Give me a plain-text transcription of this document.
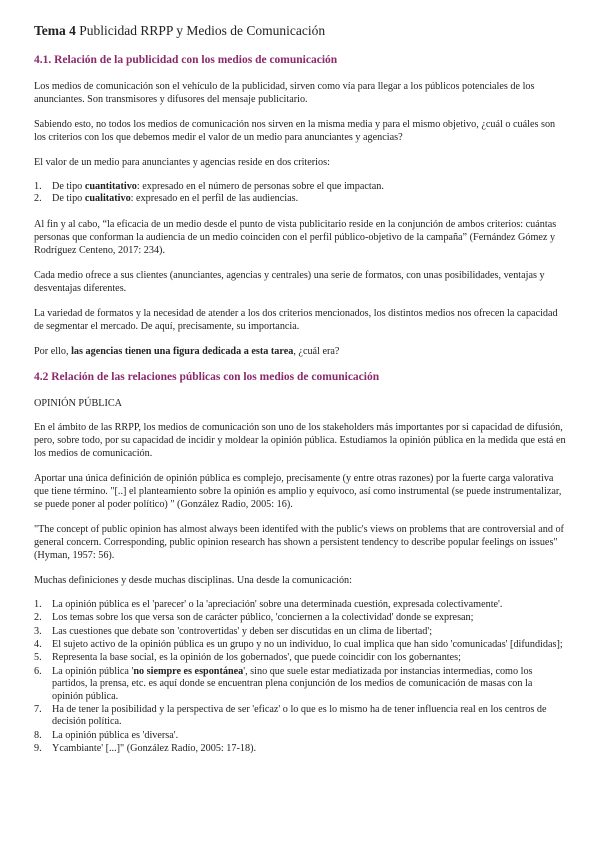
Tema 4 Publicidad RRPP y Medios de Comunicación
4.1. Relación de la publicidad con los medios de comunicación

Los medios de comunicación son el vehículo de la publicidad, sirven como vía para llegar a los públicos potenciales de los anunciantes. Son transmisores y difusores del mensaje publicitario.

Sabiendo esto, no todos los medios de comunicación nos sirven en la misma media y para el mismo objetivo, ¿cuál o cuáles son los criterios con los que debemos medir el valor de un medio para anunciantes y agencias?

El valor de un medio para anunciantes y agencias reside en dos criterios:

1. De tipo cuantitativo: expresado en el número de personas sobre el que impactan.
2. De tipo cualitativo: expresado en el perfil de las audiencias.

Al fin y al cabo, “la eficacia de un medio desde el punto de vista publicitario reside en la conjunción de ambos criterios: cuántas personas que conforman la audiencia de un medio coinciden con el perfil público-objetivo de la campaña” (Fernández Gómez y Rodríguez Centeno, 2017: 234).

Cada medio ofrece a sus clientes (anunciantes, agencias y centrales) una serie de formatos, con unas posibilidades, ventajas y desventajas diferentes.

La variedad de formatos y la necesidad de atender a los dos criterios mencionados, los distintos medios nos ofrecen la capacidad de segmentar el mercado. De aquí, precisamente, su importancia.

Por ello, las agencias tienen una figura dedicada a esta tarea, ¿cuál era?

4.2 Relación de las relaciones públicas con los medios de comunicación

OPINIÓN PÚBLICA

En el ámbito de las RRPP, los medios de comunicación son uno de los stakeholders más importantes por si capacidad de difusión, pero, sobre todo, por su capacidad de incidir y moldear la opinión pública. Estudiamos la opinión pública en la medida que está en los medios de comunicación.

Aportar una única definición de opinión pública es complejo, precisamente (y entre otras razones) por la fuerte carga valorativa que tiene término. "[..] el planteamiento sobre la opinión es amplio y equívoco, así como instrumental (se puede instrumentalizar, se puede poner al poder político) " (González Radio, 2005: 16).

"The concept of public opinion has almost always been identifed with the public's views on problems that are controversial and of general concern. Corresponding, public opinion research has shown a persistent tendency to describe popular feelings on issues" (Hyman, 1957: 56).

Muchas definiciones y desde muchas disciplinas. Una desde la comunicación:

1. La opinión pública es el 'parecer' o la 'apreciación' sobre una determinada cuestión, expresada colectivamente'.
2. Los temas sobre los que versa son de carácter público, 'conciernen a la colectividad' donde se expresan;
3. Las cuestiones que debate son 'controvertidas' y deben ser discutidas en un clima de libertad';
4. El sujeto activo de la opinión pública es un grupo y no un individuo, lo cual implica que han sido 'comunicadas' [difundidas];
5. Representa la base social, es la opinión de los gobernados', que puede coincidir con los gobernantes;
6. La opinión pública 'no siempre es espontánea', sino que suele estar mediatizada por instancias intermedias, como los partidos, la prensa, etc. es aquí donde se encuentran plena conjunción de los medios de comunicación de masas con la opinión pública.
7. Ha de tener la posibilidad y la perspectiva de ser 'eficaz' o lo que es lo mismo ha de tener influencia real en los centros de decisión política.
8. La opinión pública es 'diversa'.
9. Ycambiante' [...]" (González Radío, 2005: 17-18).
